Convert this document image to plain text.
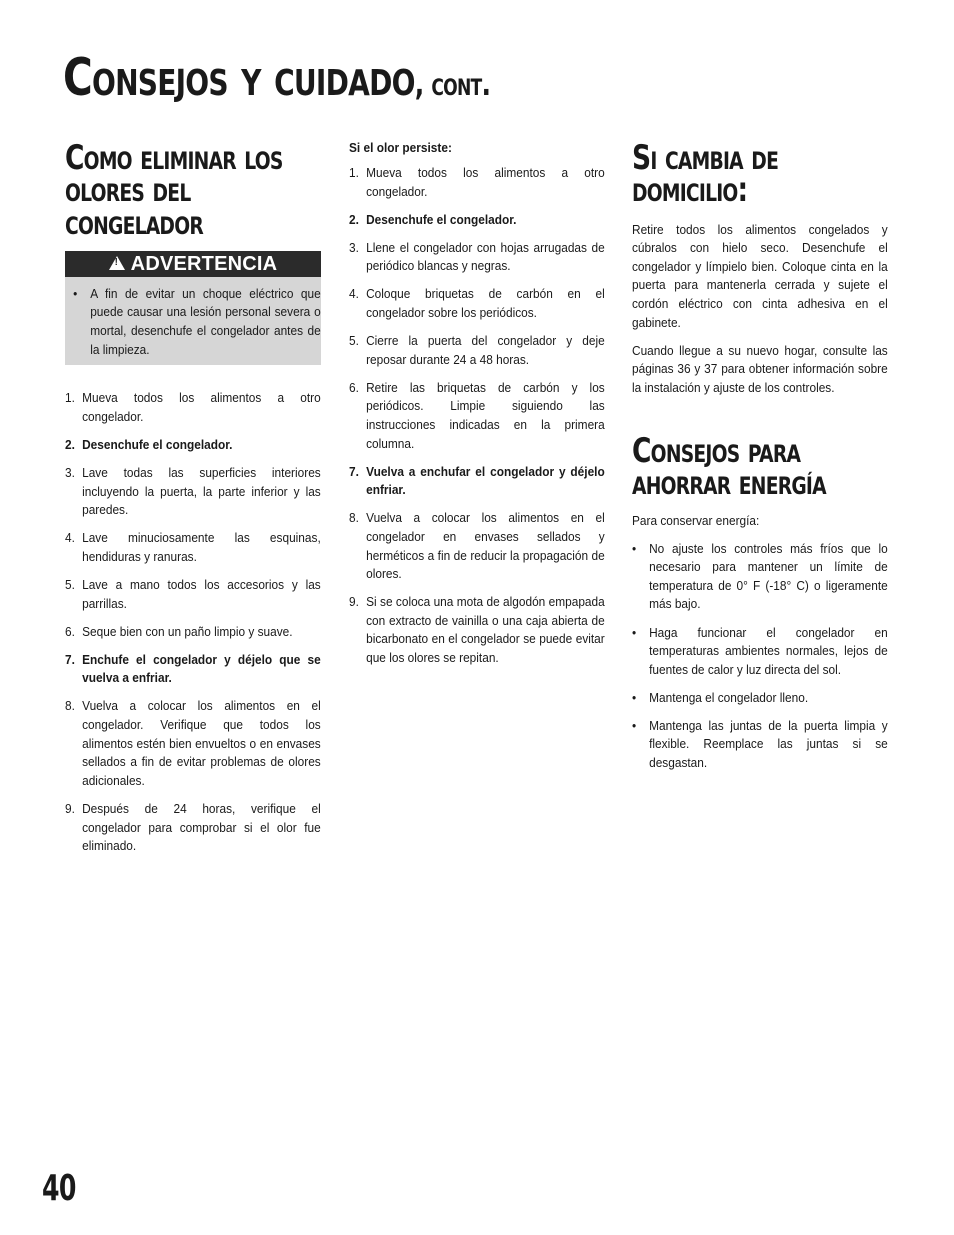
Consejos y cuidado, cont.
Como eliminar los olores del congelador
!ADVERTENCIA
• A fin de evitar un choque eléctrico que puede causar una lesión personal severa o mortal, desenchufe el congelador antes de la limpieza.
1. Mueva todos los alimentos a otro congelador.
2. Desenchufe el congelador.
3. Lave todas las superficies interiores incluyendo la puerta, la parte inferior y las paredes.
4. Lave minuciosamente las esquinas, hendiduras y ranuras.
5. Lave a mano todos los accesorios y las parrillas.
6. Seque bien con un paño limpio y suave.
7. Enchufe el congelador y déjelo que se vuelva a enfriar.
8. Vuelva a colocar los alimentos en el congelador. Verifique que todos los alimentos estén bien envueltos o en envases sellados a fin de evitar problemas de olores adicionales.
9. Después de 24 horas, verifique el congelador para comprobar si el olor fue eliminado.
Si el olor persiste:
1. Mueva todos los alimentos a otro congelador.
2. Desenchufe el congelador.
3. Llene el congelador con hojas arrugadas de periódico blancas y negras.
4. Coloque briquetas de carbón en el congelador sobre los periódicos.
5. Cierre la puerta del congelador y deje reposar durante 24 a 48 horas.
6. Retire las briquetas de carbón y los periódicos. Limpie siguiendo las instrucciones indicadas en la primera columna.
7. Vuelva a enchufar el congelador y déjelo enfriar.
8. Vuelva a colocar los alimentos en el congelador en envases sellados y herméticos a fin de reducir la propagación de olores.
9. Si se coloca una mota de algodón empapada con extracto de vainilla o una caja abierta de bicarbonato en el congelador se puede evitar que los olores se repitan.
Si cambia de domicilio:

Retire todos los alimentos congelados y cúbralos con hielo seco. Desenchufe el congelador y límpielo bien. Coloque cinta en la puerta para mantenerla cerrada y sujete el cordón eléctrico con cinta adhesiva en el gabinete.

Cuando llegue a su nuevo hogar, consulte las páginas 36 y 37 para obtener información sobre la instalación y ajuste de los controles.

Consejos para ahorrar energía

Para conservar energía:

• No ajuste los controles más fríos que lo necesario para mantener un límite de temperatura de 0° F (-18° C) o ligeramente más bajo.
• Haga funcionar el congelador en temperaturas ambientes normales, lejos de fuentes de calor y luz directa del sol.
• Mantenga el congelador lleno.
• Mantenga las juntas de la puerta limpia y flexible. Reemplace las juntas si se desgastan.
40
